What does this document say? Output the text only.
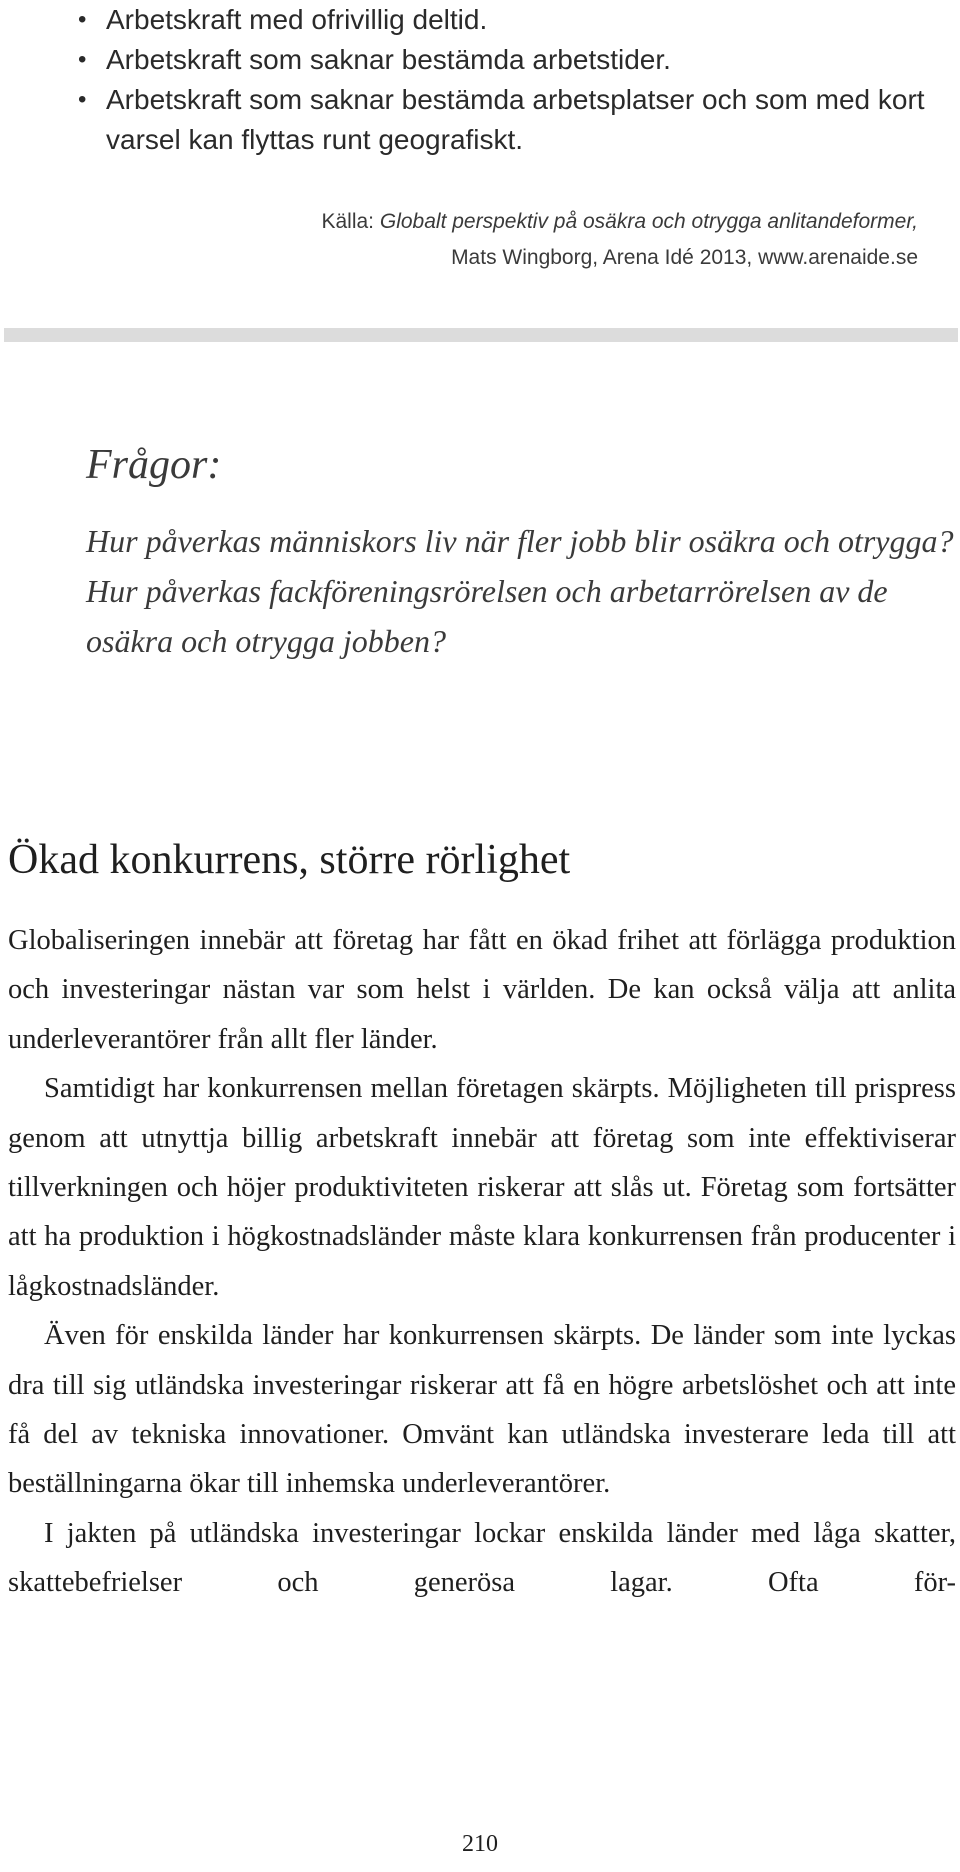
• Arbetskraft med ofrivillig deltid.
• Arbetskraft som saknar bestämda arbetstider.
• Arbetskraft som saknar bestämda arbetsplatser och som med kort varsel kan flyttas runt geografiskt.
Källa: Globalt perspektiv på osäkra och otrygga anlitandeformer,
Mats Wingborg, Arena Idé 2013, www.arenaide.se
Frågor:

Hur påverkas människors liv när fler jobb blir osäkra och otrygga?

Hur påverkas fackföreningsrörelsen och arbetarrörelsen av de osäkra och otrygga jobben?

Ökad konkurrens, större rörlighet

Globaliseringen innebär att företag har fått en ökad frihet att förlägga produktion och investeringar nästan var som helst i världen. De kan också välja att anlita underleverantörer från allt fler länder.

Samtidigt har konkurrensen mellan företagen skärpts. Möjligheten till prispress genom att utnyttja billig arbetskraft innebär att företag som inte effektiviserar tillverkningen och höjer produktiviteten riskerar att slås ut. Företag som fortsätter att ha produktion i högkostnadsländer måste klara konkurrensen från producenter i lågkostnadsländer.

Även för enskilda länder har konkurrensen skärpts. De länder som inte lyckas dra till sig utländska investeringar riskerar att få en högre arbetslöshet och att inte få del av tekniska innovationer. Omvänt kan utländska investerare leda till att beställningarna ökar till inhemska underleverantörer.

I jakten på utländska investeringar lockar enskilda länder med låga skatter, skattebefrielser och generösa lagar. Ofta för-

210
